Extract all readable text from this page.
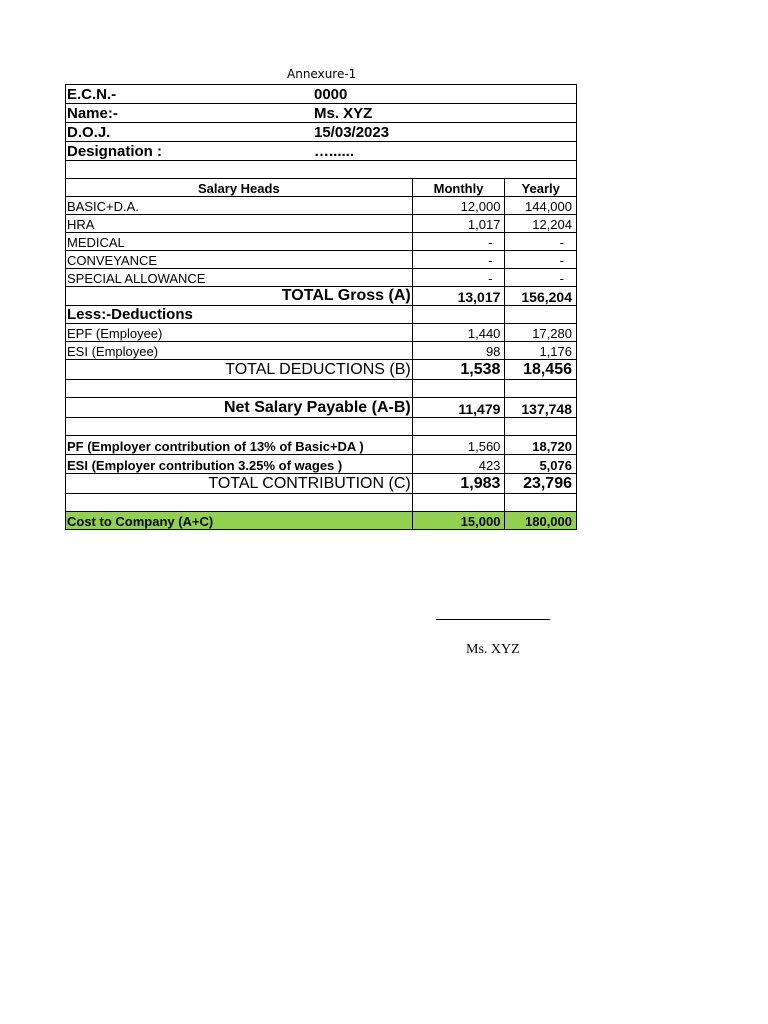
Annexure-1
E.C.N.- 0000		

Name:- Ms. XYZ		

D.O.J. 15/03/2023		

Designation : …......		

Salary Heads	Monthly	Yearly
BASIC+D.A.	12,000	144,000
HRA	1,017	12,204
MEDICAL	-	-
CONVEYANCE	-	-
SPECIAL ALLOWANCE	-	-
TOTAL Gross (A)	13,017	156,204
Less:-Deductions		
EPF (Employee)	1,440	17,280
ESI (Employee)	98	1,176
TOTAL DEDUCTIONS (B)	1,538	18,456

Net Salary Payable (A-B)	11,479	137,748

PF (Employer contribution of 13% of Basic+DA )	1,560	18,720
ESI (Employer contribution 3.25% of wages )	423	5,076
TOTAL CONTRIBUTION (C)	1,983	23,796

Cost to Company (A+C)	15,000	180,000
Ms. XYZ
